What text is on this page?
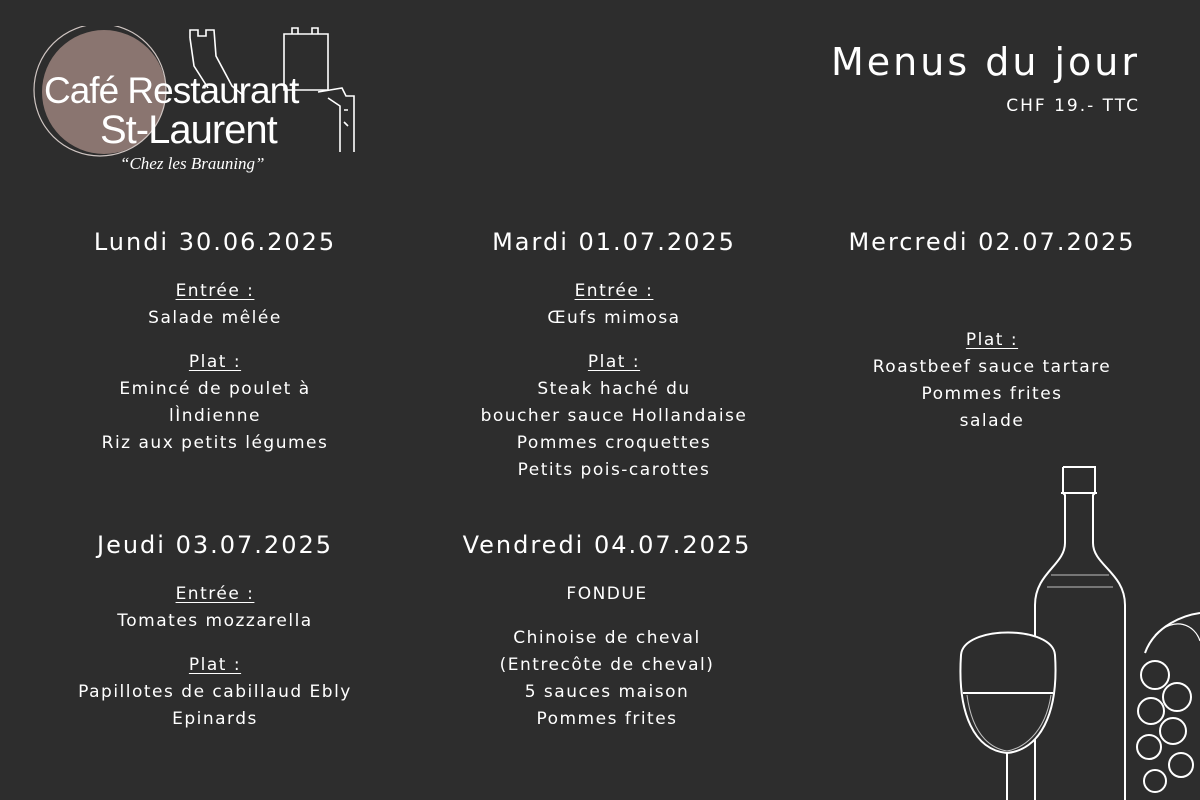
Café Restaurant
St-Laurent
“Chez les Brauning”
Menus du jour
CHF 19.- TTC
Lundi 30.06.2025
Entrée :
Salade mêlée
Plat :
Emincé de poulet à
lÌndienne
Riz aux petits légumes
Mardi 01.07.2025
Entrée :
Œufs mimosa
Plat :
Steak haché du
boucher sauce Hollandaise
Pommes croquettes
Petits pois-carottes
Mercredi 02.07.2025
Plat :
Roastbeef sauce tartare
Pommes frites
salade
Jeudi 03.07.2025
Entrée :
Tomates mozzarella
Plat :
Papillotes de cabillaud Ebly
Epinards
Vendredi 04.07.2025
FONDUE
Chinoise de cheval
(Entrecôte de cheval)
5 sauces maison
Pommes frites
